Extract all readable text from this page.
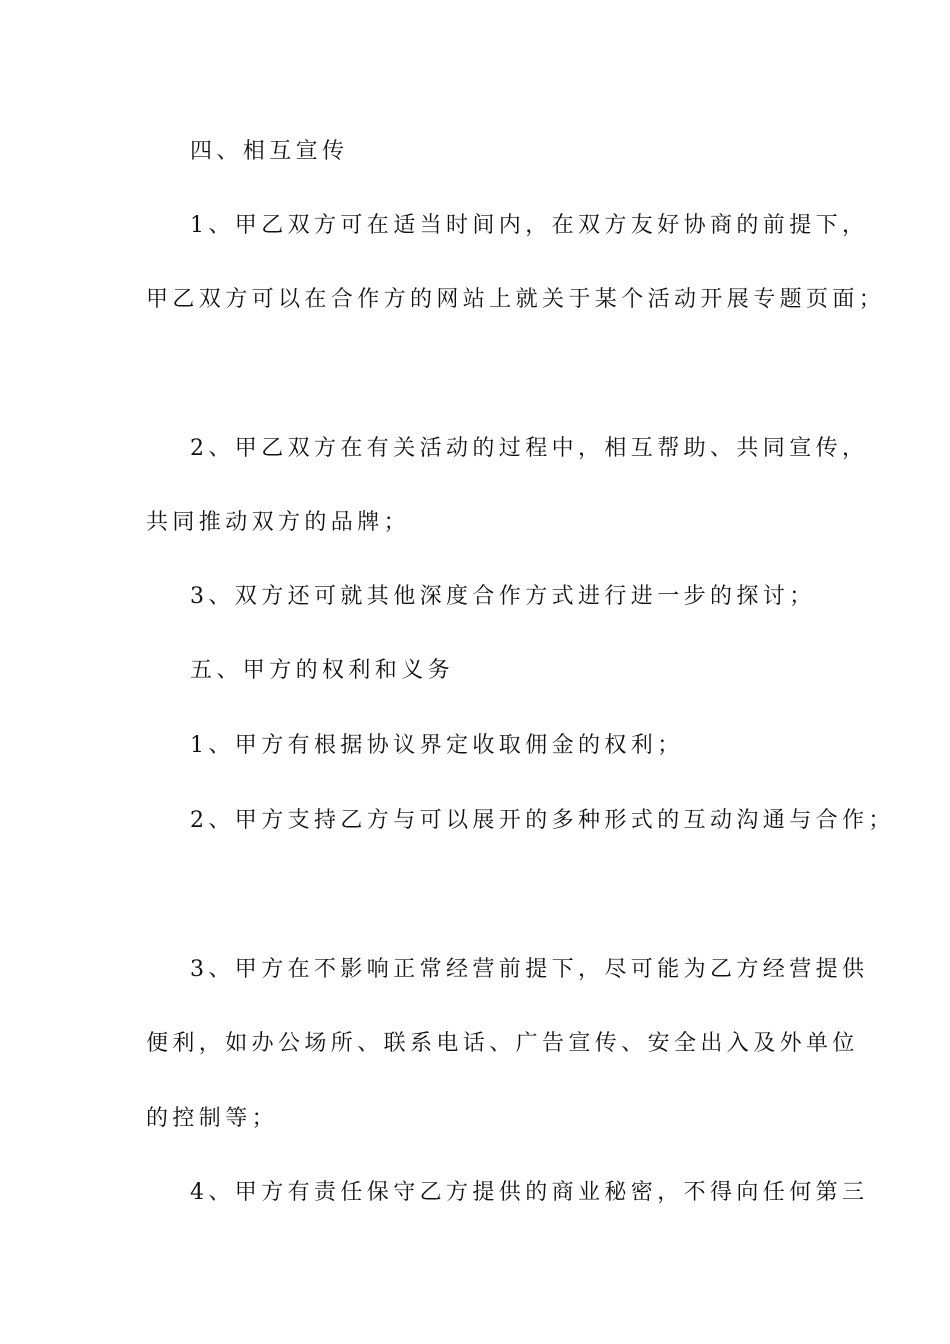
四、相互宣传
1、甲乙双方可在适当时间内，在双方友好协商的前提下，
甲乙双方可以在合作方的网站上就关于某个活动开展专题页面；
2、甲乙双方在有关活动的过程中，相互帮助、共同宣传，
共同推动双方的品牌；
3、双方还可就其他深度合作方式进行进一步的探讨；
五、甲方的权利和义务
1、甲方有根据协议界定收取佣金的权利；
2、甲方支持乙方与可以展开的多种形式的互动沟通与合作；
3、甲方在不影响正常经营前提下，尽可能为乙方经营提供
便利，如办公场所、联系电话、广告宣传、安全出入及外单位
的控制等；
4、甲方有责任保守乙方提供的商业秘密，不得向任何第三
